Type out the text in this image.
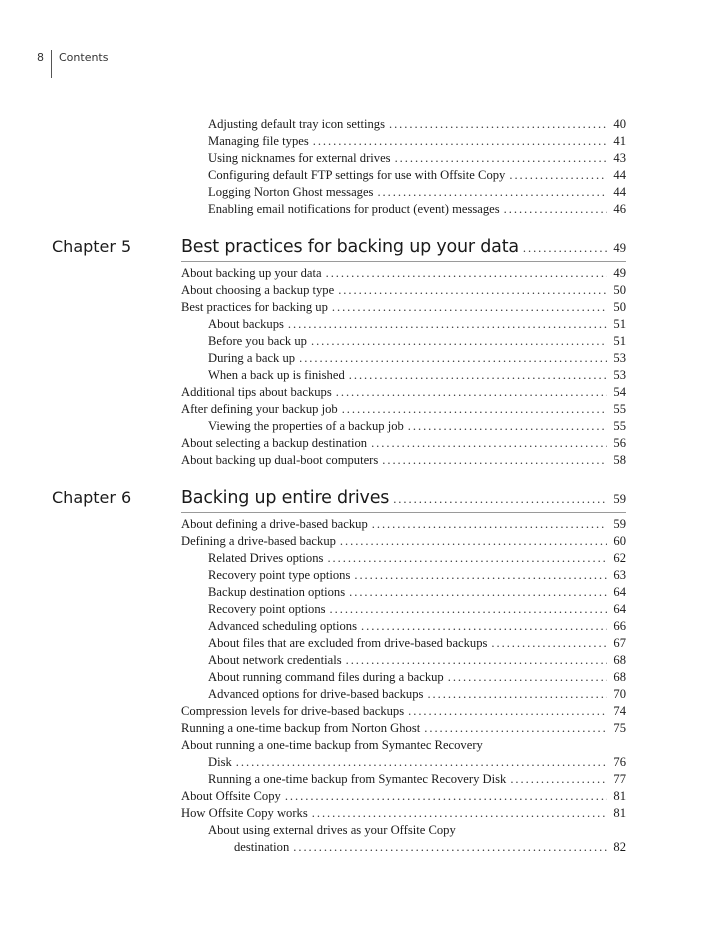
8 Contents
Adjusting default tray icon settings . . .	40
Managing file types . . .	41
Using nicknames for external drives . . .	43
Configuring default FTP settings for use with Offsite Copy . . .	44
Logging Norton Ghost messages . . .	44
Enabling email notifications for product (event) messages . . .	46
Chapter 5	Best practices for backing up your data . . .	49
About backing up your data . . .	49
About choosing a backup type . . .	50
Best practices for backing up . . .	50
About backups . . .	51
Before you back up . . .	51
During a back up . . .	53
When a back up is finished . . .	53
Additional tips about backups . . .	54
After defining your backup job . . .	55
Viewing the properties of a backup job . . .	55
About selecting a backup destination . . .	56
About backing up dual-boot computers . . .	58
Chapter 6	Backing up entire drives . . .	59
About defining a drive-based backup . . .	59
Defining a drive-based backup . . .	60
Related Drives options . . .	62
Recovery point type options . . .	63
Backup destination options . . .	64
Recovery point options . . .	64
Advanced scheduling options . . .	66
About files that are excluded from drive-based backups . . .	67
About network credentials . . .	68
About running command files during a backup . . .	68
Advanced options for drive-based backups . . .	70
Compression levels for drive-based backups . . .	74
Running a one-time backup from Norton Ghost . . .	75
About running a one-time backup from Symantec Recovery
Disk . . .	76
Running a one-time backup from Symantec Recovery Disk . . .	77
About Offsite Copy . . .	81
How Offsite Copy works . . .	81
About using external drives as your Offsite Copy
destination . . .	82
